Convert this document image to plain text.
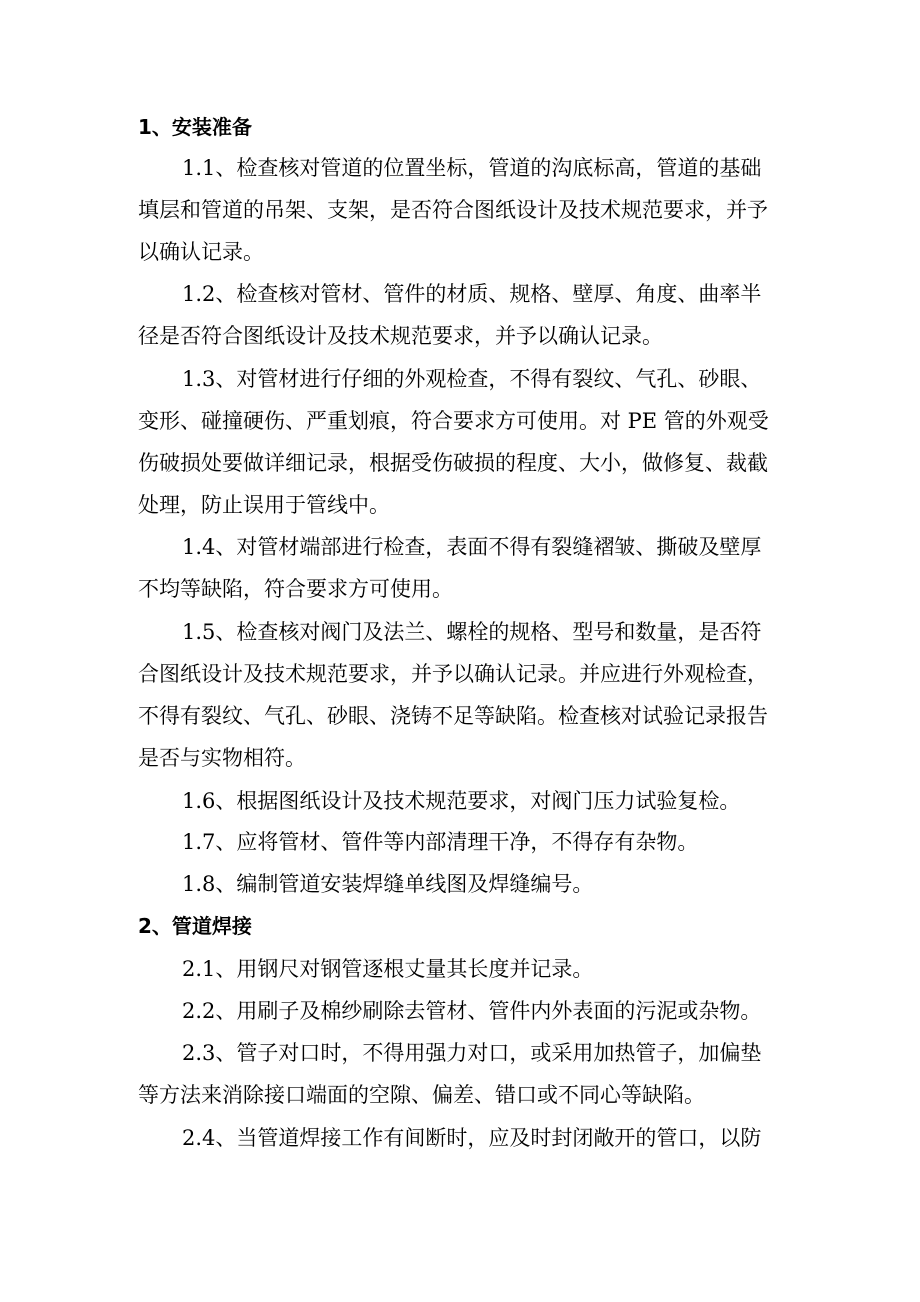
1、安装准备
1.1、检查核对管道的位置坐标，管道的沟底标高，管道的基础
填层和管道的吊架、支架，是否符合图纸设计及技术规范要求，并予
以确认记录。
1.2、检查核对管材、管件的材质、规格、壁厚、角度、曲率半
径是否符合图纸设计及技术规范要求，并予以确认记录。
1.3、对管材进行仔细的外观检查，不得有裂纹、气孔、砂眼、
变形、碰撞硬伤、严重划痕，符合要求方可使用。对 PE 管的外观受
伤破损处要做详细记录，根据受伤破损的程度、大小，做修复、裁截
处理，防止误用于管线中。
1.4、对管材端部进行检查，表面不得有裂缝褶皱、撕破及壁厚
不均等缺陷，符合要求方可使用。
1.5、检查核对阀门及法兰、螺栓的规格、型号和数量，是否符
合图纸设计及技术规范要求，并予以确认记录。并应进行外观检查，
不得有裂纹、气孔、砂眼、浇铸不足等缺陷。检查核对试验记录报告
是否与实物相符。
1.6、根据图纸设计及技术规范要求，对阀门压力试验复检。
1.7、应将管材、管件等内部清理干净，不得存有杂物。
1.8、编制管道安装焊缝单线图及焊缝编号。
2、管道焊接
2.1、用钢尺对钢管逐根丈量其长度并记录。
2.2、用刷子及棉纱刷除去管材、管件内外表面的污泥或杂物。
2.3、管子对口时，不得用强力对口，或采用加热管子，加偏垫
等方法来消除接口端面的空隙、偏差、错口或不同心等缺陷。
2.4、当管道焊接工作有间断时，应及时封闭敞开的管口，以防
